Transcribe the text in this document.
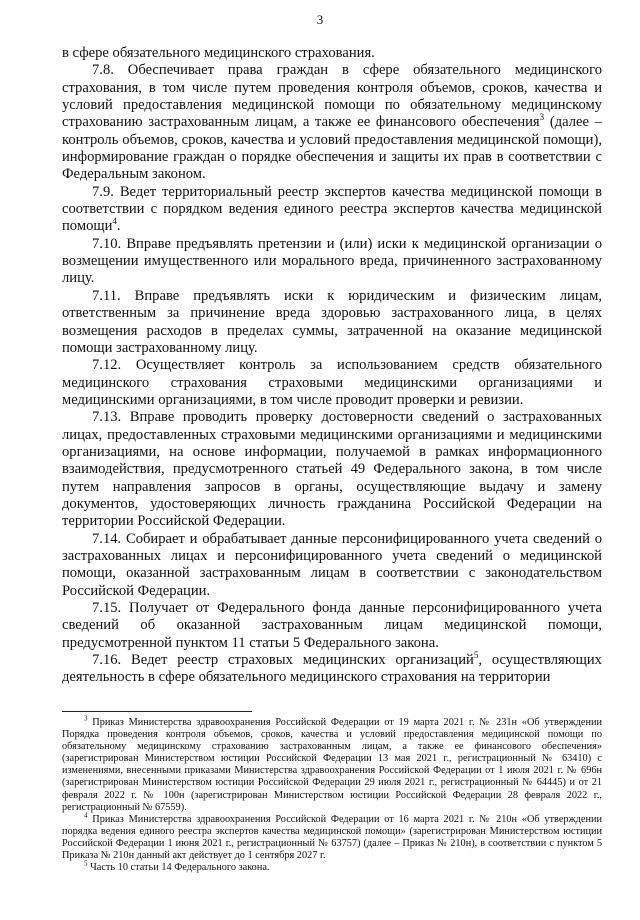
3

в сфере обязательного медицинского страхования.

7.8. Обеспечивает права граждан в сфере обязательного медицинского страхования, в том числе путем проведения контроля объемов, сроков, качества и условий предоставления медицинской помощи по обязательному медицинскому страхованию застрахованным лицам, а также ее финансового обеспечения$^3$ (далее – контроль объемов, сроков, качества и условий предоставления медицинской помощи), информирование граждан о порядке обеспечения и защиты их прав в соответствии с Федеральным законом.

7.9. Ведет территориальный реестр экспертов качества медицинской помощи в соответствии с порядком ведения единого реестра экспертов качества медицинской помощи$^4$.

7.10. Вправе предъявлять претензии и (или) иски к медицинской организации о возмещении имущественного или морального вреда, причиненного застрахованному лицу.

7.11. Вправе предъявлять иски к юридическим и физическим лицам, ответственным за причинение вреда здоровью застрахованного лица, в целях возмещения расходов в пределах суммы, затраченной на оказание медицинской помощи застрахованному лицу.

7.12. Осуществляет контроль за использованием средств обязательного медицинского страхования страховыми медицинскими организациями и медицинскими организациями, в том числе проводит проверки и ревизии.

7.13. Вправе проводить проверку достоверности сведений о застрахованных лицах, предоставленных страховыми медицинскими организациями и медицинскими организациями, на основе информации, получаемой в рамках информационного взаимодействия, предусмотренного статьей 49 Федерального закона, в том числе путем направления запросов в органы, осуществляющие выдачу и замену документов, удостоверяющих личность гражданина Российской Федерации на территории Российской Федерации.

7.14. Собирает и обрабатывает данные персонифицированного учета сведений о застрахованных лицах и персонифицированного учета сведений о медицинской помощи, оказанной застрахованным лицам в соответствии с законодательством Российской Федерации.

7.15. Получает от Федерального фонда данные персонифицированного учета сведений об оказанной застрахованным лицам медицинской помощи, предусмотренной пунктом 11 статьи 5 Федерального закона.

7.16. Ведет реестр страховых медицинских организаций$^5$, осуществляющих деятельность в сфере обязательного медицинского страхования на территории

$^3$ Приказ Министерства здравоохранения Российской Федерации от 19 марта 2021 г. № 231н «Об утверждении Порядка проведения контроля объемов, сроков, качества и условий предоставления медицинской помощи по обязательному медицинскому страхованию застрахованным лицам, а также ее финансового обеспечения» (зарегистрирован Министерством юстиции Российской Федерации 13 мая 2021 г., регистрационный № 63410) с изменениями, внесенными приказами Министерства здравоохранения Российской Федерации от 1 июля 2021 г. № 696н (зарегистрирован Министерством юстиции Российской Федерации 29 июля 2021 г., регистрационный № 64445) и от 21 февраля 2022 г. № 100н (зарегистрирован Министерством юстиции Российской Федерации 28 февраля 2022 г., регистрационный № 67559).

$^4$ Приказ Министерства здравоохранения Российской Федерации от 16 марта 2021 г. № 210н «Об утверждении порядка ведения единого реестра экспертов качества медицинской помощи» (зарегистрирован Министерством юстиции Российской Федерации 1 июня 2021 г., регистрационный № 63757) (далее – Приказ № 210н), в соответствии с пунктом 5 Приказа № 210н данный акт действует до 1 сентября 2027 г.

$^5$ Часть 10 статьи 14 Федерального закона.
